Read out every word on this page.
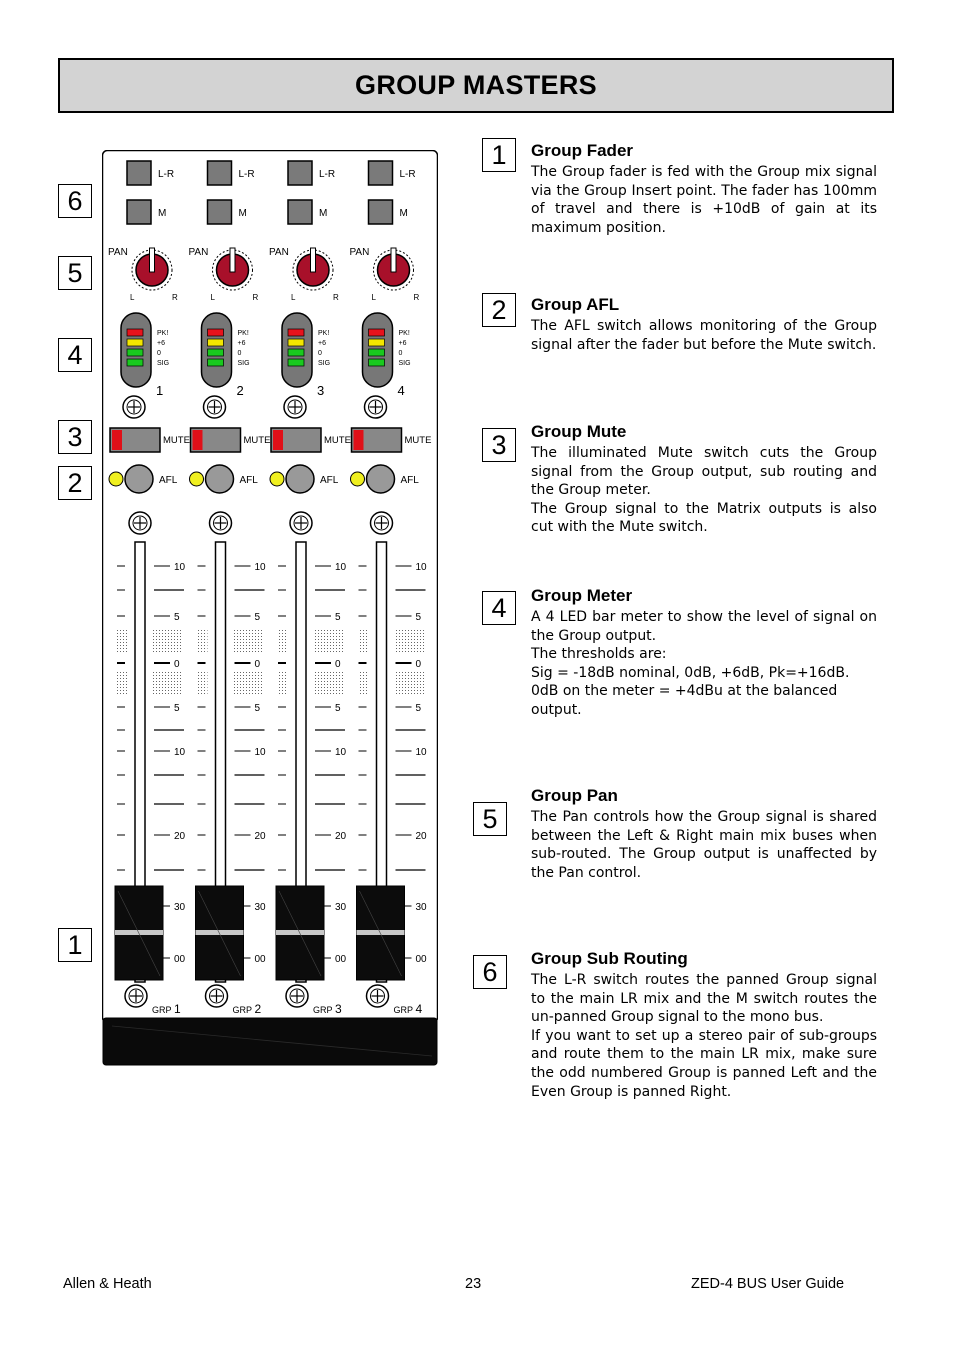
GROUP MASTERS
6
5
4
3
2
1
1
2
3
4
5
6
Group Fader

The Group fader is fed with the Group mix signal via the Group Insert point. The fader has 100mm of travel and there is +10dB of gain at its maximum position.

Group AFL

The AFL switch allows monitoring of the Group signal after the fader but before the Mute switch.

Group Mute

The illuminated Mute switch cuts the Group signal from the Group output, sub routing and the Group meter.

The Group signal to the Matrix outputs is also cut with the Mute switch.

Group Meter

A 4 LED bar meter to show the level of signal on the Group output.

The thresholds are:

Sig = -18dB nominal, 0dB, +6dB, Pk=+16dB.

0dB on the meter = +4dBu at the balanced output.

Group Pan

The Pan controls how the Group signal is shared between the Left & Right main mix buses when sub-routed. The Group output is unaffected by the Pan control.

Group Sub Routing

The L-R switch routes the panned Group signal to the main LR mix and the M switch routes the un-panned Group signal to the mono bus.

If you want to set up a stereo pair of sub-groups and route them to the main LR mix, make sure the odd numbered Group is panned Left and the Even Group is panned Right.

L-R
M
PAN
L	R
PK!
+6
0
SIG
1
MUTE
AFL
10
5
0
5
10
20
30
00
GRP 1
L-R
M
PAN
L	R
PK!
+6
0
SIG
2
MUTE
AFL
10
5
0
5
10
20
30
00
GRP 2
L-R
M
PAN
L	R
PK!
+6
0
SIG
3
MUTE
AFL
10
5
0
5
10
20
30
00
GRP 3
L-R
M
PAN
L	R
PK!
+6
0
SIG
4
MUTE
AFL
10
5
0
5
10
20
30
00
GRP 4
Allen & Heath	23	ZED-4 BUS User Guide
